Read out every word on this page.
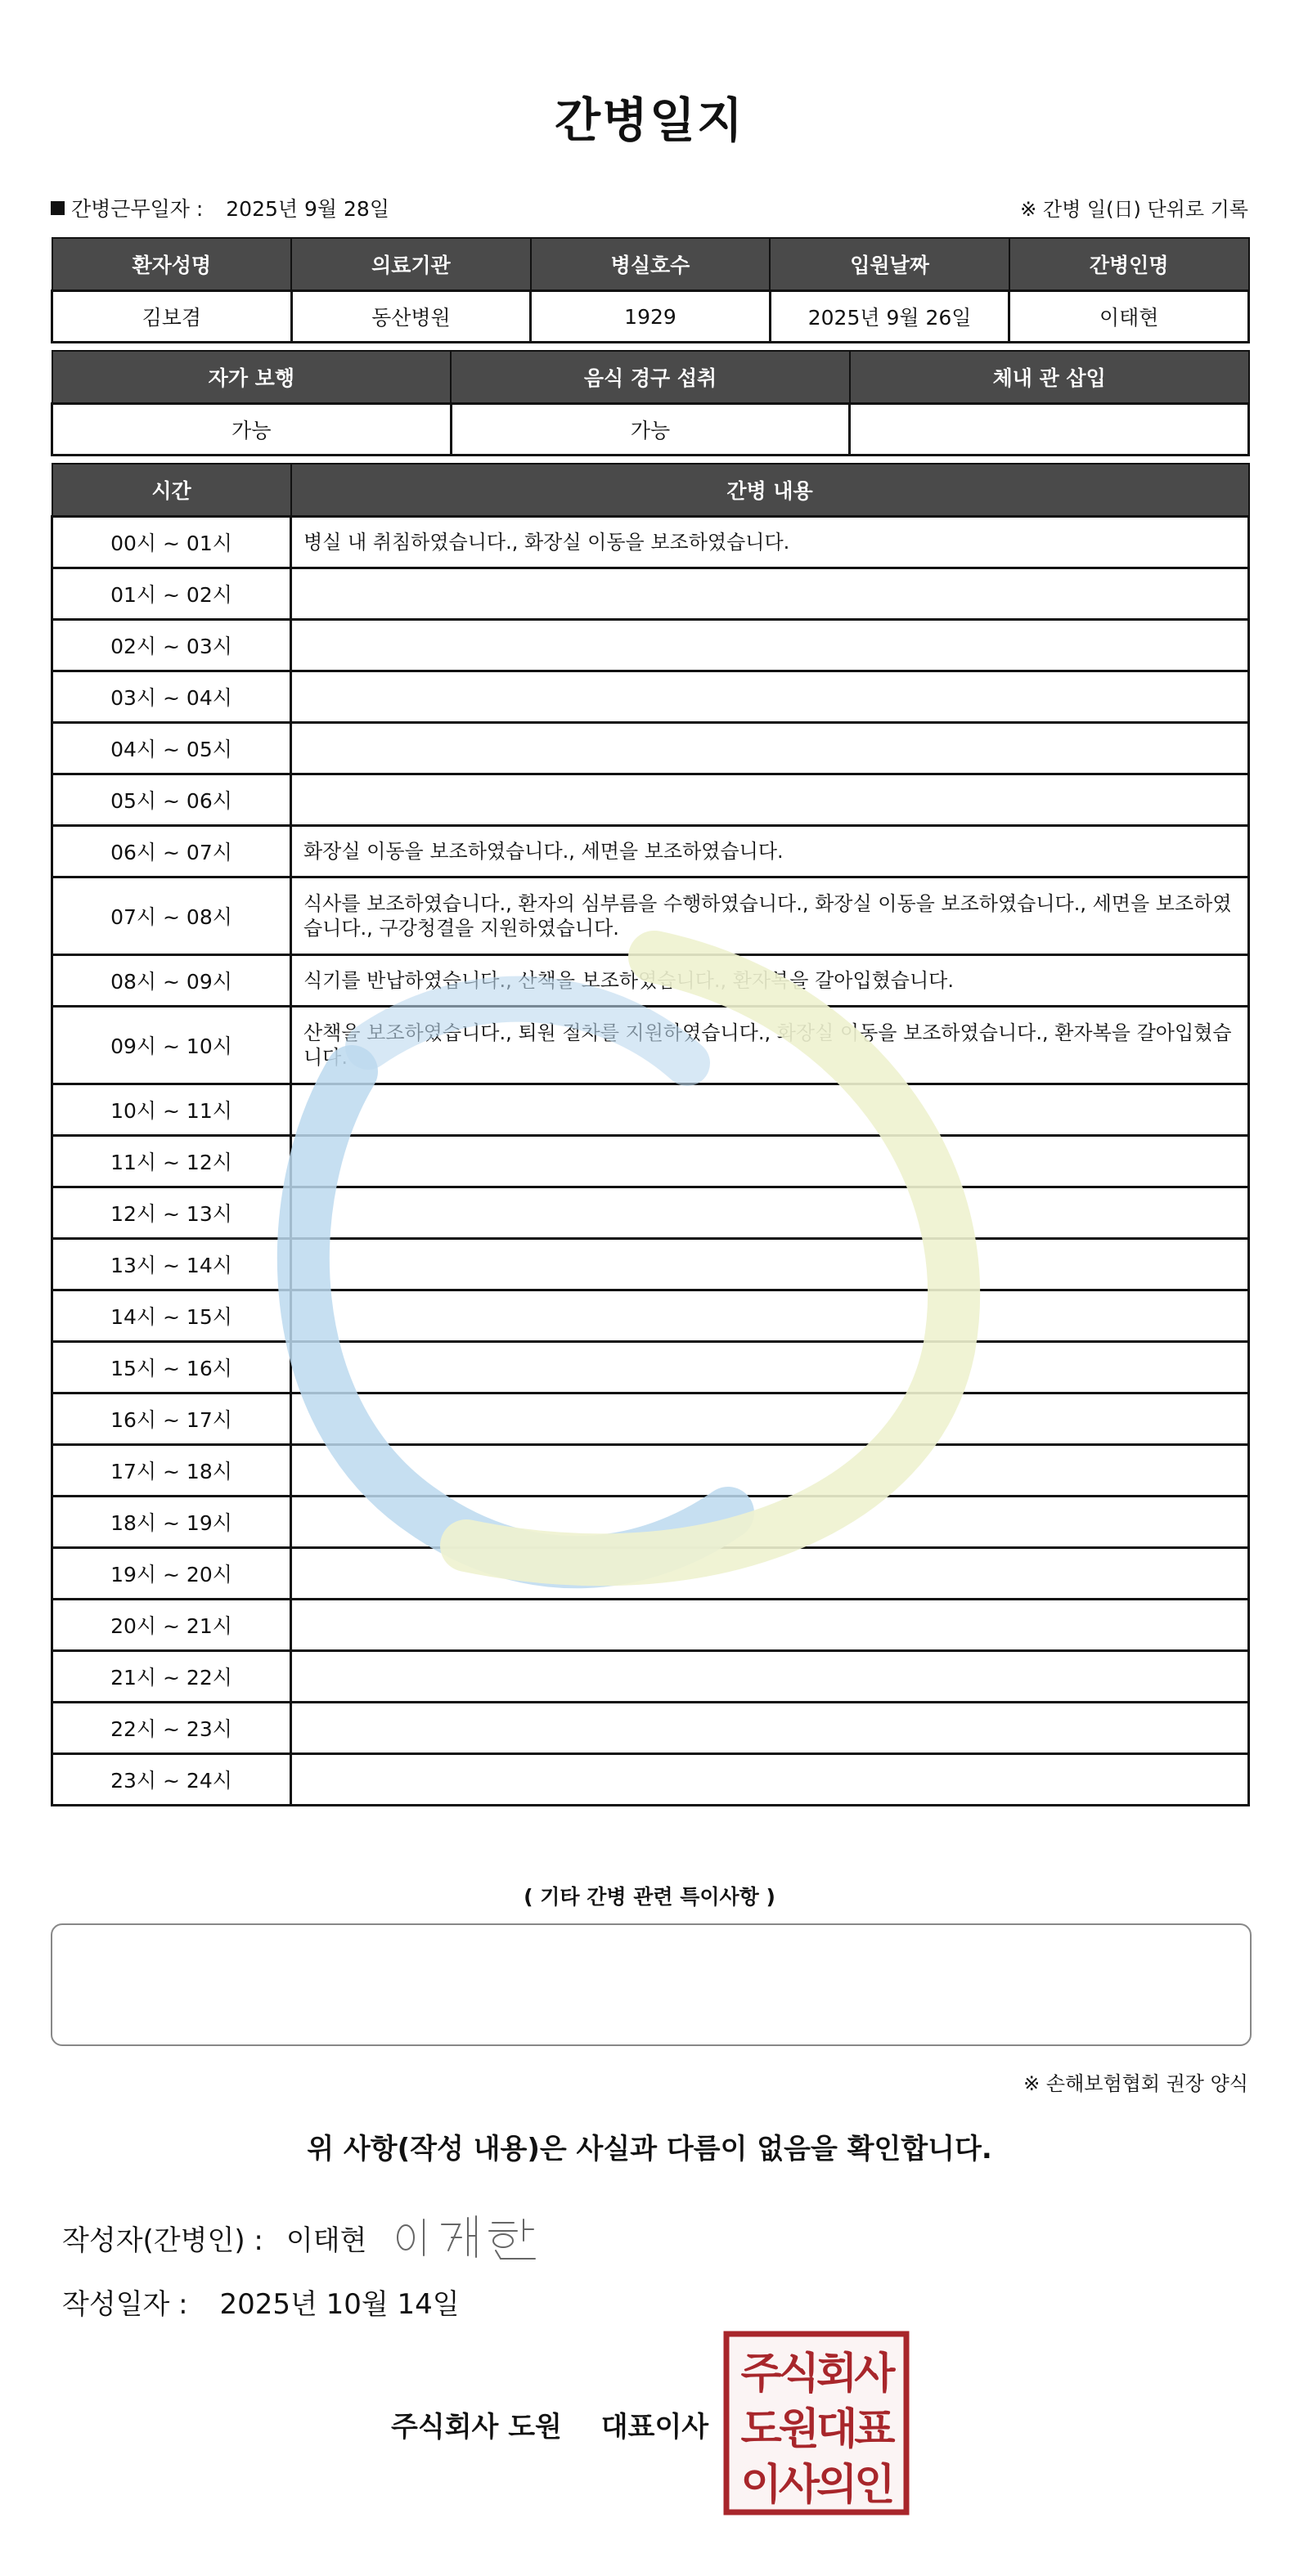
간병일지
간병근무일자 : 2025년 9월 28일	※ 간병 일(日) 단위로 기록
환자성명	의료기관	병실호수	입원날짜	간병인명
김보겸	동산병원	1929	2025년 9월 26일	이태현
자가 보행	음식 경구 섭취	체내 관 삽입
가능	가능	
시간	간병 내용
00시 ~ 01시	병실 내 취침하였습니다., 화장실 이동을 보조하였습니다.
01시 ~ 02시	
02시 ~ 03시	
03시 ~ 04시	
04시 ~ 05시	
05시 ~ 06시	
06시 ~ 07시	화장실 이동을 보조하였습니다., 세면을 보조하였습니다.
07시 ~ 08시	식사를 보조하였습니다., 환자의 심부름을 수행하였습니다., 화장실 이동을 보조하였습니다., 세면을 보조하였습니다., 구강청결을 지원하였습니다.
08시 ~ 09시	식기를 반납하였습니다., 산책을 보조하였습니다., 환자복을 갈아입혔습니다.
09시 ~ 10시	산책을 보조하였습니다., 퇴원 절차를 지원하였습니다., 화장실 이동을 보조하였습니다., 환자복을 갈아입혔습니다.
10시 ~ 11시	
11시 ~ 12시	
12시 ~ 13시	
13시 ~ 14시	
14시 ~ 15시	
15시 ~ 16시	
16시 ~ 17시	
17시 ~ 18시	
18시 ~ 19시	
19시 ~ 20시	
20시 ~ 21시	
21시 ~ 22시	
22시 ~ 23시	
23시 ~ 24시	
( 기타 간병 관련 특이사항 )
※ 손해보험협회 권장 양식
위 사항(작성 내용)은 사실과 다름이 없음을 확인합니다.
작성자(간병인) : 이태현
작성일자 : 2025년 10월 14일
주식회사 도원 대표이사
주식회사
도원대표
이사의인
